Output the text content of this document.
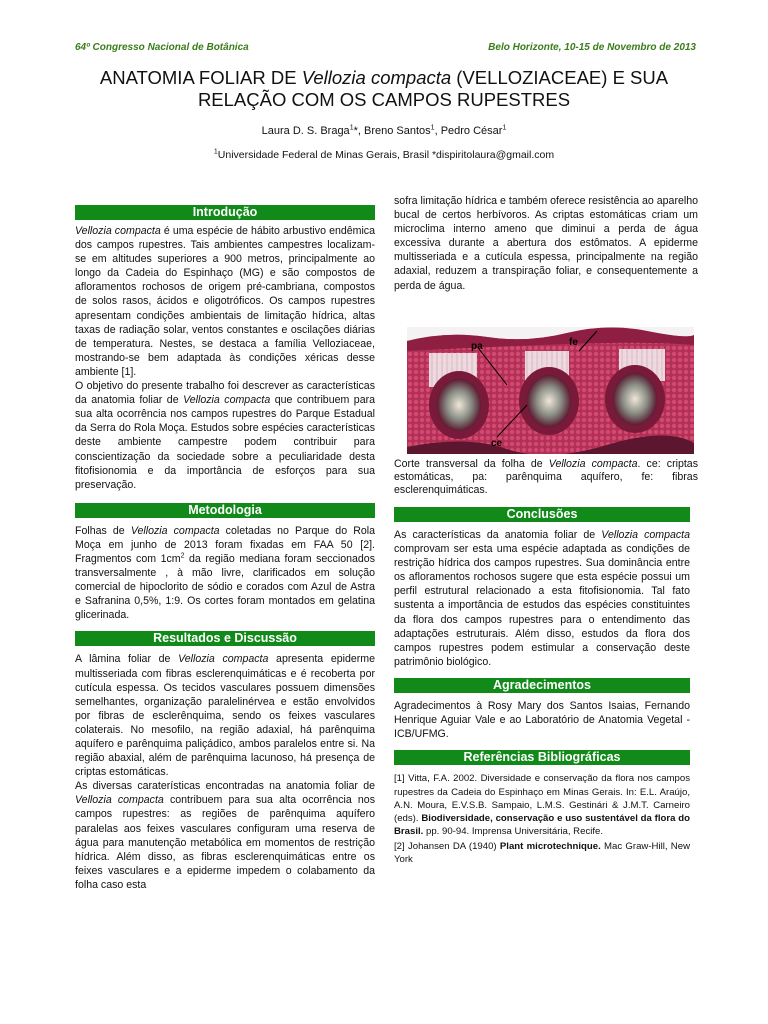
64º Congresso Nacional de Botânica	Belo Horizonte, 10-15 de Novembro de 2013
ANATOMIA FOLIAR DE Vellozia compacta (VELLOZIACEAE) E SUA
RELAÇÃO COM OS CAMPOS RUPESTRES
Laura D. S. Braga$^1$*, Breno Santos$^1$, Pedro César$^1$
$^1$Universidade Federal de Minas Gerais, Brasil *dispiritolaura@gmail.com
Introdução

Vellozia compacta é uma espécie de hábito arbustivo endêmica dos campos rupestres. Tais ambientes campestres localizam-se em altitudes superiores a 900 metros, principalmente ao longo da Cadeia do Espinhaço (MG) e são compostos de afloramentos rochosos de origem pré-cambriana, compostos de solos rasos, ácidos e oligotróficos. Os campos rupestres apresentam condições ambientais de limitação hídrica, altas taxas de radiação solar, ventos constantes e oscilações diárias de temperatura. Nestes, se destaca a família Velloziaceae, mostrando-se bem adaptada às condições xéricas desse ambiente [1].

O objetivo do presente trabalho foi descrever as características da anatomia foliar de Vellozia compacta que contribuem para sua alta ocorrência nos campos rupestres do Parque Estadual da Serra do Rola Moça. Estudos sobre espécies características deste ambiente campestre podem contribuir para conscientização da sociedade sobre a peculiaridade desta fitofisionomia e da importância de esforços para sua preservação.

Metodologia

Folhas de Vellozia compacta coletadas no Parque do Rola Moça em junho de 2013 foram fixadas em FAA 50 [2]. Fragmentos com $1cm^2$ da região mediana foram seccionados transversalmente , à mão livre, clarificados em solução comercial de hipoclorito de sódio e corados com Azul de Astra e Safranina 0,5%, 1:9. Os cortes foram montados em gelatina glicerinada.

Resultados e Discussão

A lâmina foliar de Vellozia compacta apresenta epiderme multisseriada com fibras esclerenquimáticas e é recoberta por cutícula espessa. Os tecidos vasculares possuem dimensões semelhantes, organização paralelinérvea e estão envolvidos por fibras de esclerênquima, sendo os feixes vasculares colaterais. No mesofilo, na região adaxial, há parênquima aquífero e parênquima paliçádico, ambos paralelos entre si. Na região abaxial, além de parênquima lacunoso, há presença de criptas estomáticas.

As diversas caraterísticas encontradas na anatomia foliar de Vellozia compacta contribuem para sua alta ocorrência nos campos rupestres: as regiões de parênquima aquífero paralelas aos feixes vasculares configuram uma reserva de água para manutenção metabólica em momentos de restrição hídrica. Além disso, as fibras esclerenquimáticas entre os feixes vasculares e a epiderme impedem o colabamento da folha caso esta

sofra limitação hídrica e também oferece resistência ao aparelho bucal de certos herbívoros. As criptas estomáticas criam um microclima interno ameno que diminui a perda de água excessiva durante a abertura dos estômatos. A epiderme multisseriada e a cutícula espessa, principalmente na região adaxial, reduzem a transpiração foliar, e consequentemente a perda de água.

pa	fe
ce
Corte transversal da folha de Vellozia compacta. ce: criptas estomáticas, pa: parênquima aquífero, fe: fibras esclerenquimáticas.
Conclusões

As características da anatomia foliar de Vellozia compacta comprovam ser esta uma espécie adaptada as condições de restrição hídrica dos campos rupestres. Sua dominância entre os afloramentos rochosos sugere que esta espécie possui um perfil estrutural relacionado a esta fitofisionomia. Tal fato sustenta a importância de estudos das espécies constituintes da flora dos campos rupestres para o entendimento das adaptações estruturais. Além disso, estudos da flora dos campos rupestres podem estimular a conservação deste patrimônio biológico.

Agradecimentos

Agradecimentos à Rosy Mary dos Santos Isaias, Fernando Henrique Aguiar Vale e ao Laboratório de Anatomia Vegetal - ICB/UFMG.

Referências Bibliográficas

[1] Vitta, F.A. 2002. Diversidade e conservação da flora nos campos rupestres da Cadeia do Espinhaço em Minas Gerais. In: E.L. Araújo, A.N. Moura, E.V.S.B. Sampaio, L.M.S. Gestinári & J.M.T. Carneiro (eds). Biodiversidade, conservação e uso sustentável da flora do Brasil. pp. 90-94. Imprensa Universitária, Recife.

[2] Johansen DA (1940) Plant microtechnique. Mac Graw-Hill, New York
